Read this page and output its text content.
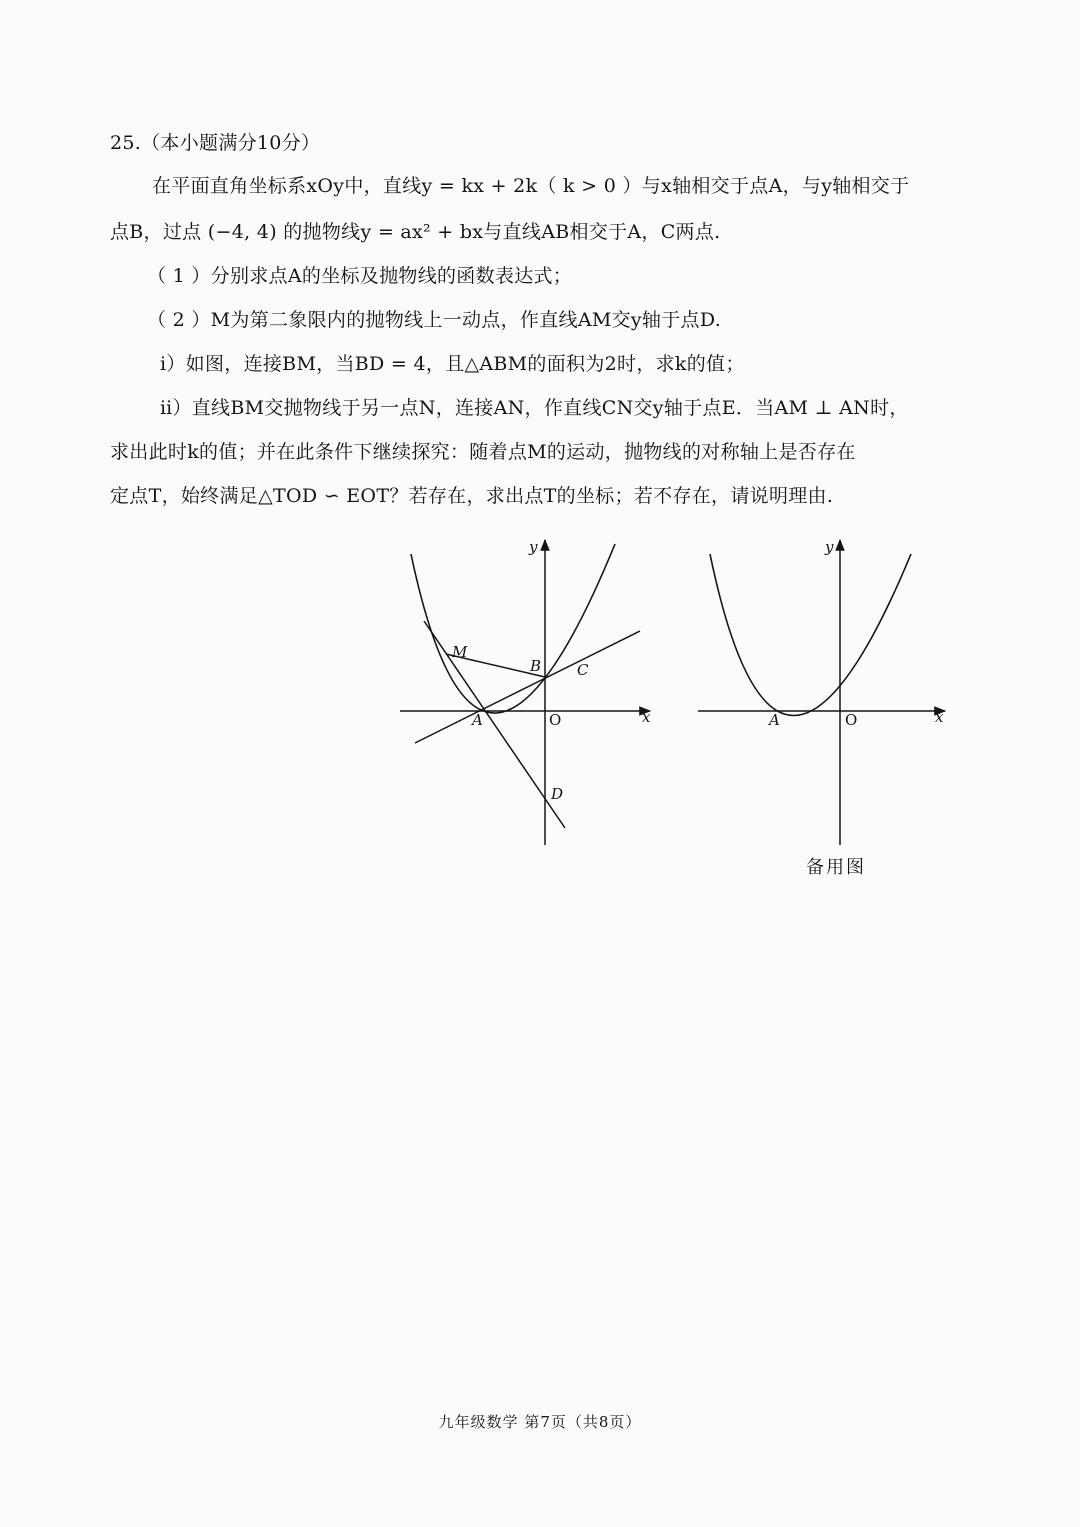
25.（本小题满分10分）
在平面直角坐标系xOy中，直线y = kx + 2k（ k > 0 ）与x轴相交于点A，与y轴相交于
点B，过点 (−4, 4) 的抛物线y = ax² + bx与直线AB相交于A，C两点.
（ 1 ）分别求点A的坐标及抛物线的函数表达式；
（ 2 ）M为第二象限内的抛物线上一动点，作直线AM交y轴于点D.
ⅰ）如图，连接BM，当BD = 4，且△ABM的面积为2时，求k的值；
ⅱ）直线BM交抛物线于另一点N，连接AN，作直线CN交y轴于点E．当AM ⊥ AN时，
求出此时k的值；并在此条件下继续探究：随着点M的运动，抛物线的对称轴上是否存在
定点T，始终满足△TOD ∽ EOT？若存在，求出点T的坐标；若不存在，请说明理由.
y
x
M
B C
A	O
D
y
x
A	O
备用图
九年级数学 第7页（共8页）
